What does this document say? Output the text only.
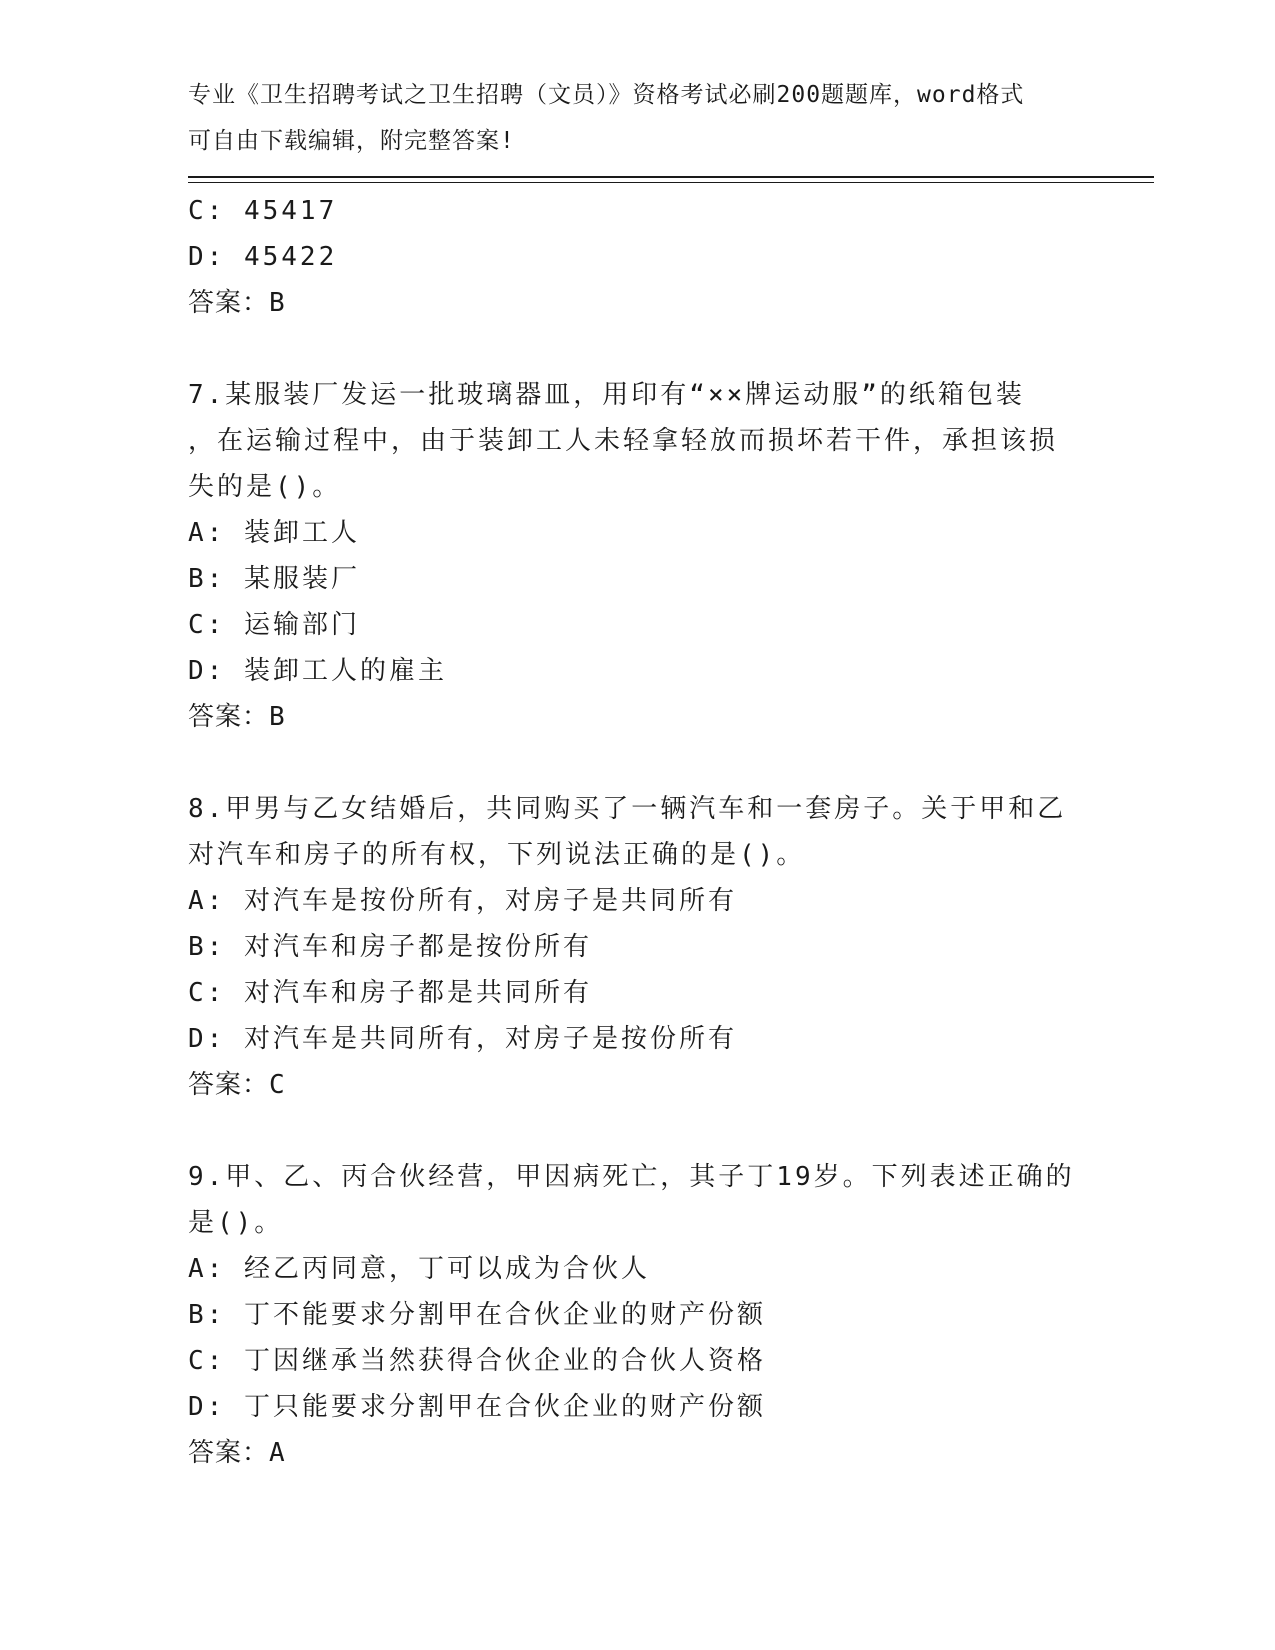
专业《卫生招聘考试之卫生招聘（文员）》资格考试必刷200题题库，word格式
可自由下载编辑，附完整答案!
C: 45417
D: 45422
答案：B
7.某服装厂发运一批玻璃器皿，用印有“××牌运动服”的纸箱包装
，在运输过程中，由于装卸工人未轻拿轻放而损坏若干件，承担该损
失的是()。
A: 装卸工人
B: 某服装厂
C: 运输部门
D: 装卸工人的雇主
答案：B
8.甲男与乙女结婚后，共同购买了一辆汽车和一套房子。关于甲和乙
对汽车和房子的所有权，下列说法正确的是()。
A: 对汽车是按份所有，对房子是共同所有
B: 对汽车和房子都是按份所有
C: 对汽车和房子都是共同所有
D: 对汽车是共同所有，对房子是按份所有
答案：C
9.甲、乙、丙合伙经营，甲因病死亡，其子丁19岁。下列表述正确的
是()。
A: 经乙丙同意，丁可以成为合伙人
B: 丁不能要求分割甲在合伙企业的财产份额
C: 丁因继承当然获得合伙企业的合伙人资格
D: 丁只能要求分割甲在合伙企业的财产份额
答案：A
